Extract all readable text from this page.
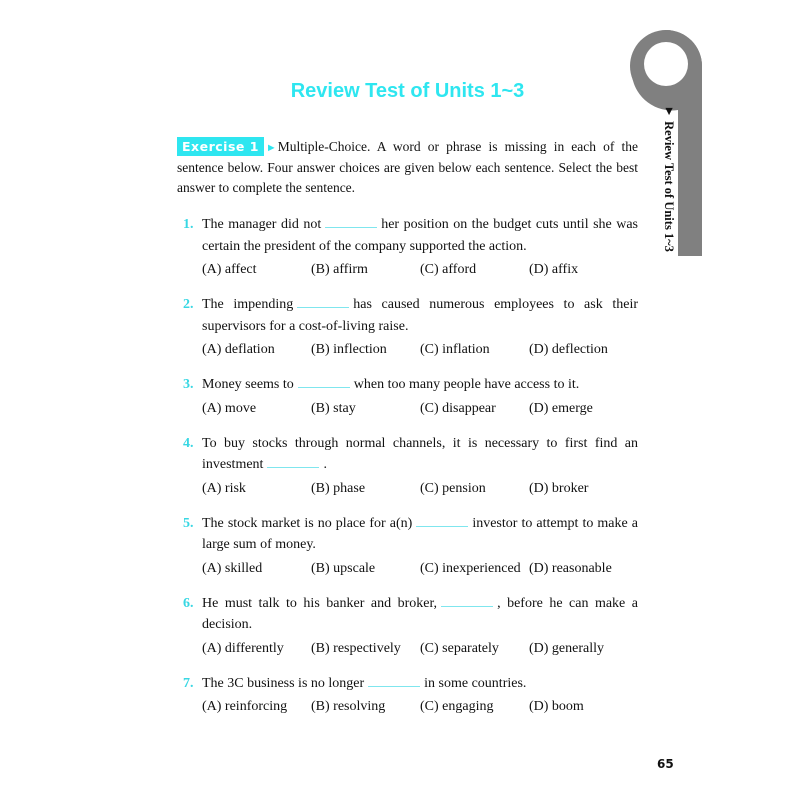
Review Test of Units 1~3
▼ Review Test of Units 1~3
Exercise 1 ►Multiple-Choice. A word or phrase is missing in each of the sentence below. Four answer choices are given below each sentence. Select the best answer to complete the sentence.
1. The manager did not	her position on the budget cuts until she was certain the president of the company supported the action.
(A) affect	(B) affirm	(C) afford	(D) affix
2. The impending	has caused numerous employees to ask their supervisors for a cost-of-living raise.
(A) deflation	(B) inflection	(C) inflation	(D) deflection
3. Money seems to	when too many people have access to it.
(A) move	(B) stay	(C) disappear	(D) emerge
4. To buy stocks through normal channels, it is necessary to first find an investment	.
(A) risk	(B) phase	(C) pension	(D) broker
5. The stock market is no place for a(n)	investor to attempt to make a large sum of money.
(A) skilled	(B) upscale	(C) inexperienced (D) reasonable
6. He must talk to his banker and broker,	, before he can make a decision.
(A) differently	(B) respectively	(C) separately	(D) generally
7. The 3C business is no longer	in some countries.
(A) reinforcing	(B) resolving	(C) engaging	(D) boom
65
